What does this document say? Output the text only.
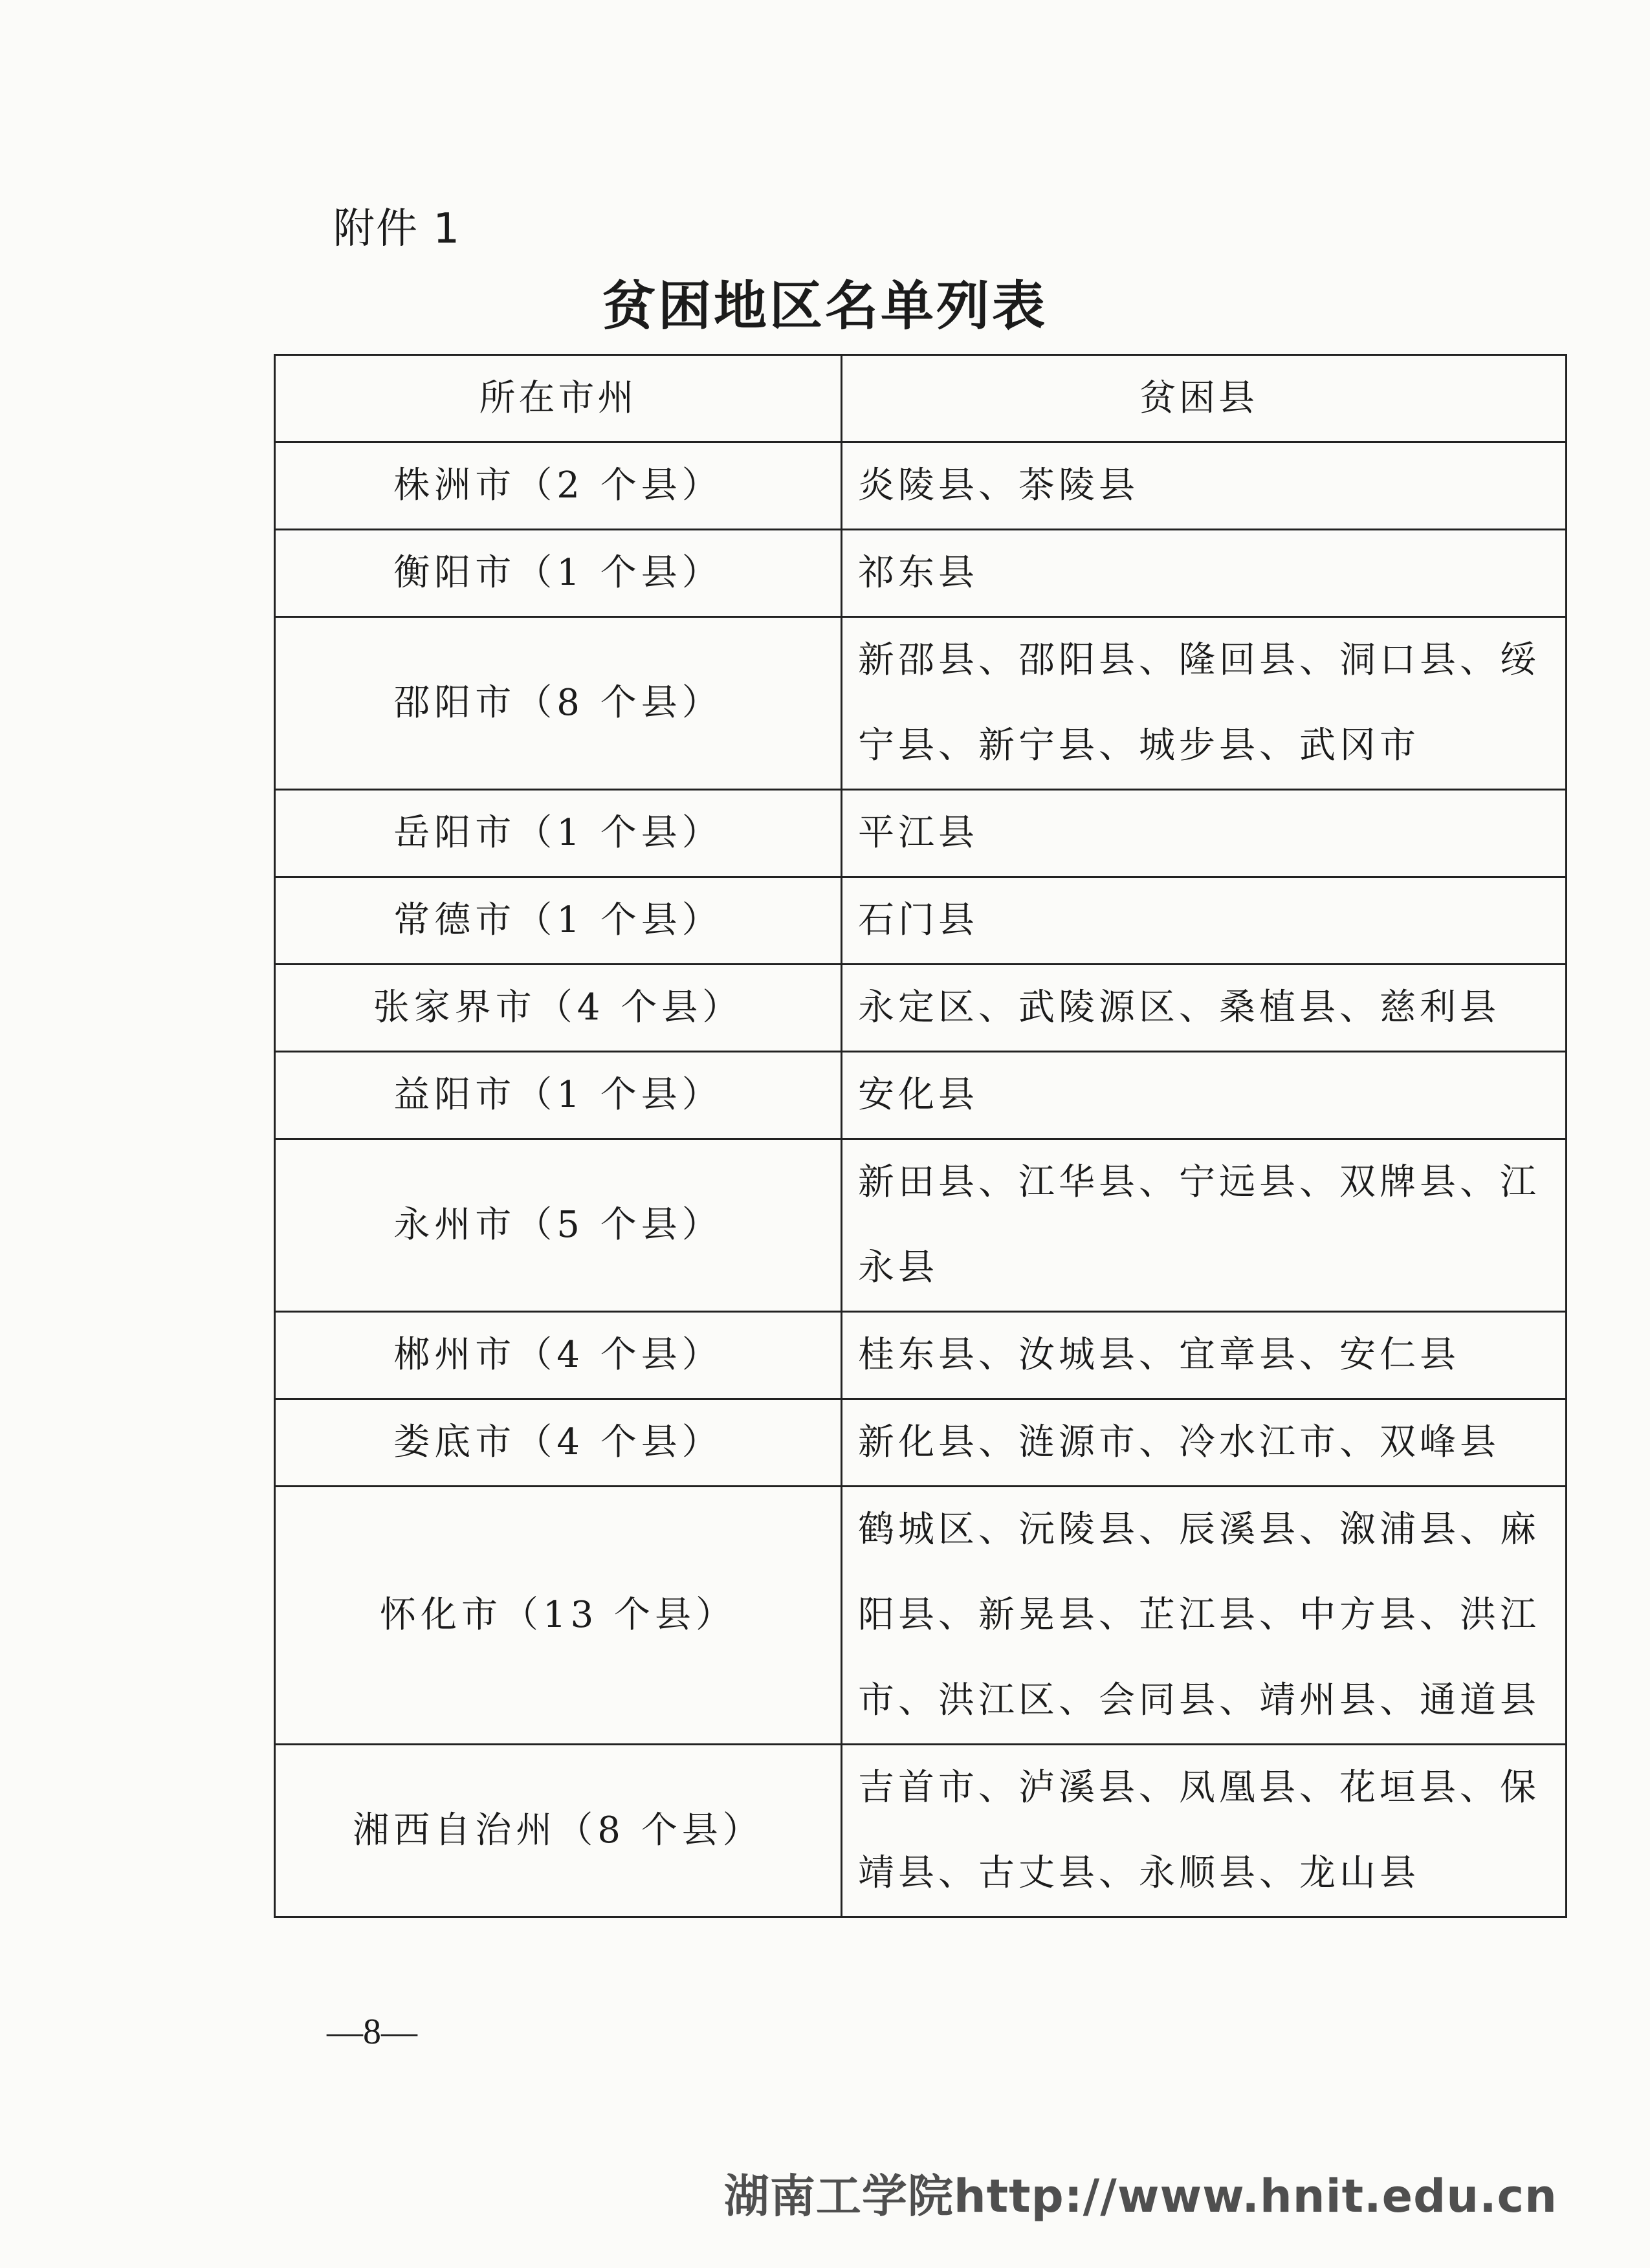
附件 1
贫困地区名单列表
所在市州	贫困县
株洲市（2 个县）	炎陵县、茶陵县
衡阳市（1 个县）	祁东县
邵阳市（8 个县）	新邵县、邵阳县、隆回县、洞口县、绥宁县、新宁县、城步县、武冈市
岳阳市（1 个县）	平江县
常德市（1 个县）	石门县
张家界市（4 个县）	永定区、武陵源区、桑植县、慈利县
益阳市（1 个县）	安化县
永州市（5 个县）	新田县、江华县、宁远县、双牌县、江永县
郴州市（4 个县）	桂东县、汝城县、宜章县、安仁县
娄底市（4 个县）	新化县、涟源市、冷水江市、双峰县
怀化市（13 个县）	鹤城区、沅陵县、辰溪县、溆浦县、麻阳县、新晃县、芷江县、中方县、洪江市、洪江区、会同县、靖州县、通道县
湘西自治州（8 个县）	吉首市、泸溪县、凤凰县、花垣县、保靖县、古丈县、永顺县、龙山县
—8—
湖南工学院http://www.hnit.edu.cn
